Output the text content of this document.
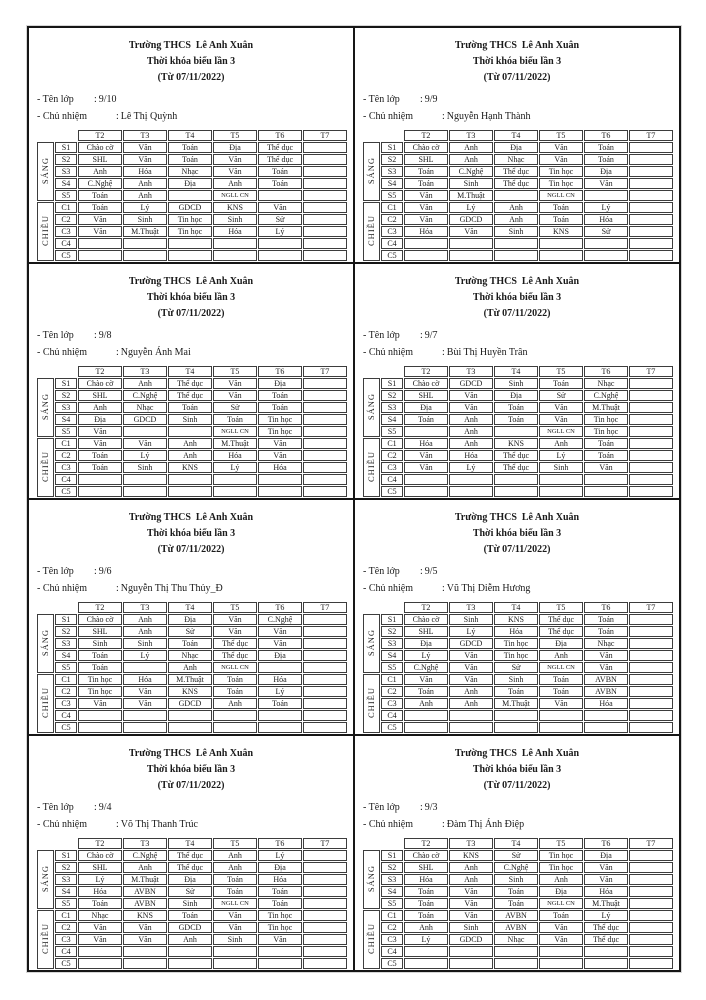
Trường THCS  Lê Anh Xuân
Thời khóa biểu lần 3
(Từ 07/11/2022)
- Tên lớp : 9/10
- Chủ nhiệm	: Lê Thị Quỳnh
		T2	T3	T4	T5	T6	T7
SÁNG	S1	Chào cờ	Văn	Toán	Địa	Thể dục	
	S2	SHL	Văn	Toán	Văn	Thể dục	
	S3	Anh	Hóa	Nhạc	Văn	Toán	
	S4	C.Nghệ	Anh	Địa	Anh	Toán	
	S5	Toán	Anh		NGLL CN		
CHIỀU	C1	Toán	Lý	GDCD	KNS	Văn	
	C2	Văn	Sinh	Tin học	Sinh	Sử	
	C3	Văn	M.Thuật	Tin học	Hóa	Lý	
	C4						
	C5						
Trường THCS  Lê Anh Xuân
Thời khóa biểu lần 3
(Từ 07/11/2022)
- Tên lớp : 9/9
- Chủ nhiệm	: Nguyễn Hạnh Thành
		T2	T3	T4	T5	T6	T7
SÁNG	S1	Chào cờ	Anh	Địa	Văn	Toán	
	S2	SHL	Anh	Nhạc	Văn	Toán	
	S3	Toán	C.Nghệ	Thể dục	Tin học	Địa	
	S4	Toán	Sinh	Thể dục	Tin học	Văn	
	S5	Văn	M.Thuật		NGLL CN		
CHIỀU	C1	Văn	Lý	Anh	Toán	Lý	
	C2	Văn	GDCD	Anh	Toán	Hóa	
	C3	Hóa	Văn	Sinh	KNS	Sử	
	C4						
	C5						
Trường THCS  Lê Anh Xuân
Thời khóa biểu lần 3
(Từ 07/11/2022)
- Tên lớp : 9/8
- Chủ nhiệm	: Nguyễn Ánh Mai
		T2	T3	T4	T5	T6	T7
SÁNG	S1	Chào cờ	Anh	Thể dục	Văn	Địa	
	S2	SHL	C.Nghệ	Thể dục	Văn	Toán	
	S3	Anh	Nhạc	Toán	Sử	Toán	
	S4	Địa	GDCD	Sinh	Toán	Tin học	
	S5	Văn			NGLL CN	Tin học	
CHIỀU	C1	Văn	Văn	Anh	M.Thuật	Văn	
	C2	Toán	Lý	Anh	Hóa	Văn	
	C3	Toán	Sinh	KNS	Lý	Hóa	
	C4						
	C5						
Trường THCS  Lê Anh Xuân
Thời khóa biểu lần 3
(Từ 07/11/2022)
- Tên lớp : 9/7
- Chủ nhiệm	: Bùi Thị Huyền Trân
		T2	T3	T4	T5	T6	T7
SÁNG	S1	Chào cờ	GDCD	Sinh	Toán	Nhạc	
	S2	SHL	Văn	Địa	Sử	C.Nghệ	
	S3	Địa	Văn	Toán	Văn	M.Thuật	
	S4	Toán	Anh	Toán	Văn	Tin học	
	S5		Anh		NGLL CN	Tin học	
CHIỀU	C1	Hóa	Anh	KNS	Anh	Toán	
	C2	Văn	Hóa	Thể dục	Lý	Toán	
	C3	Văn	Lý	Thể dục	Sinh	Văn	
	C4						
	C5						
Trường THCS  Lê Anh Xuân
Thời khóa biểu lần 3
(Từ 07/11/2022)
- Tên lớp : 9/6
- Chủ nhiệm	: Nguyễn Thị Thu Thủy_Đ
		T2	T3	T4	T5	T6	T7
SÁNG	S1	Chào cờ	Anh	Địa	Văn	C.Nghệ	
	S2	SHL	Anh	Sử	Văn	Văn	
	S3	Sinh	Sinh	Toán	Thể dục	Văn	
	S4	Toán	Lý	Nhạc	Thể dục	Địa	
	S5	Toán		Anh	NGLL CN		
CHIỀU	C1	Tin học	Hóa	M.Thuật	Toán	Hóa	
	C2	Tin học	Văn	KNS	Toán	Lý	
	C3	Văn	Văn	GDCD	Anh	Toán	
	C4						
	C5						
Trường THCS  Lê Anh Xuân
Thời khóa biểu lần 3
(Từ 07/11/2022)
- Tên lớp : 9/5
- Chủ nhiệm	: Vũ Thị Diễm Hương
		T2	T3	T4	T5	T6	T7
SÁNG	S1	Chào cờ	Sinh	KNS	Thể dục	Toán	
	S2	SHL	Lý	Hóa	Thể dục	Toán	
	S3	Địa	GDCD	Tin học	Địa	Nhạc	
	S4	Lý	Văn	Tin học	Anh	Văn	
	S5	C.Nghệ	Văn	Sử	NGLL CN	Văn	
CHIỀU	C1	Văn	Văn	Sinh	Toán	AVBN	
	C2	Toán	Anh	Toán	Toán	AVBN	
	C3	Anh	Anh	M.Thuật	Văn	Hóa	
	C4						
	C5						
Trường THCS  Lê Anh Xuân
Thời khóa biểu lần 3
(Từ 07/11/2022)
- Tên lớp : 9/4
- Chủ nhiệm	: Võ Thị Thanh Trúc
		T2	T3	T4	T5	T6	T7
SÁNG	S1	Chào cờ	C.Nghệ	Thể dục	Anh	Lý	
	S2	SHL	Anh	Thể dục	Anh	Địa	
	S3	Lý	M.Thuật	Địa	Toán	Hóa	
	S4	Hóa	AVBN	Sử	Toán	Toán	
	S5	Toán	AVBN	Sinh	NGLL CN	Toán	
CHIỀU	C1	Nhạc	KNS	Toán	Văn	Tin học	
	C2	Văn	Văn	GDCD	Văn	Tin học	
	C3	Văn	Văn	Anh	Sinh	Văn	
	C4						
	C5						
Trường THCS  Lê Anh Xuân
Thời khóa biểu lần 3
(Từ 07/11/2022)
- Tên lớp : 9/3
- Chủ nhiệm	: Đàm Thị Ánh Điệp
		T2	T3	T4	T5	T6	T7
SÁNG	S1	Chào cờ	KNS	Sử	Tin học	Địa	
	S2	SHL	Anh	C.Nghệ	Tin học	Văn	
	S3	Hóa	Anh	Sinh	Anh	Văn	
	S4	Toán	Văn	Toán	Địa	Hóa	
	S5	Toán	Văn	Toán	NGLL CN	M.Thuật	
CHIỀU	C1	Toán	Văn	AVBN	Toán	Lý	
	C2	Anh	Sinh	AVBN	Văn	Thể dục	
	C3	Lý	GDCD	Nhạc	Văn	Thể dục	
	C4						
	C5						
